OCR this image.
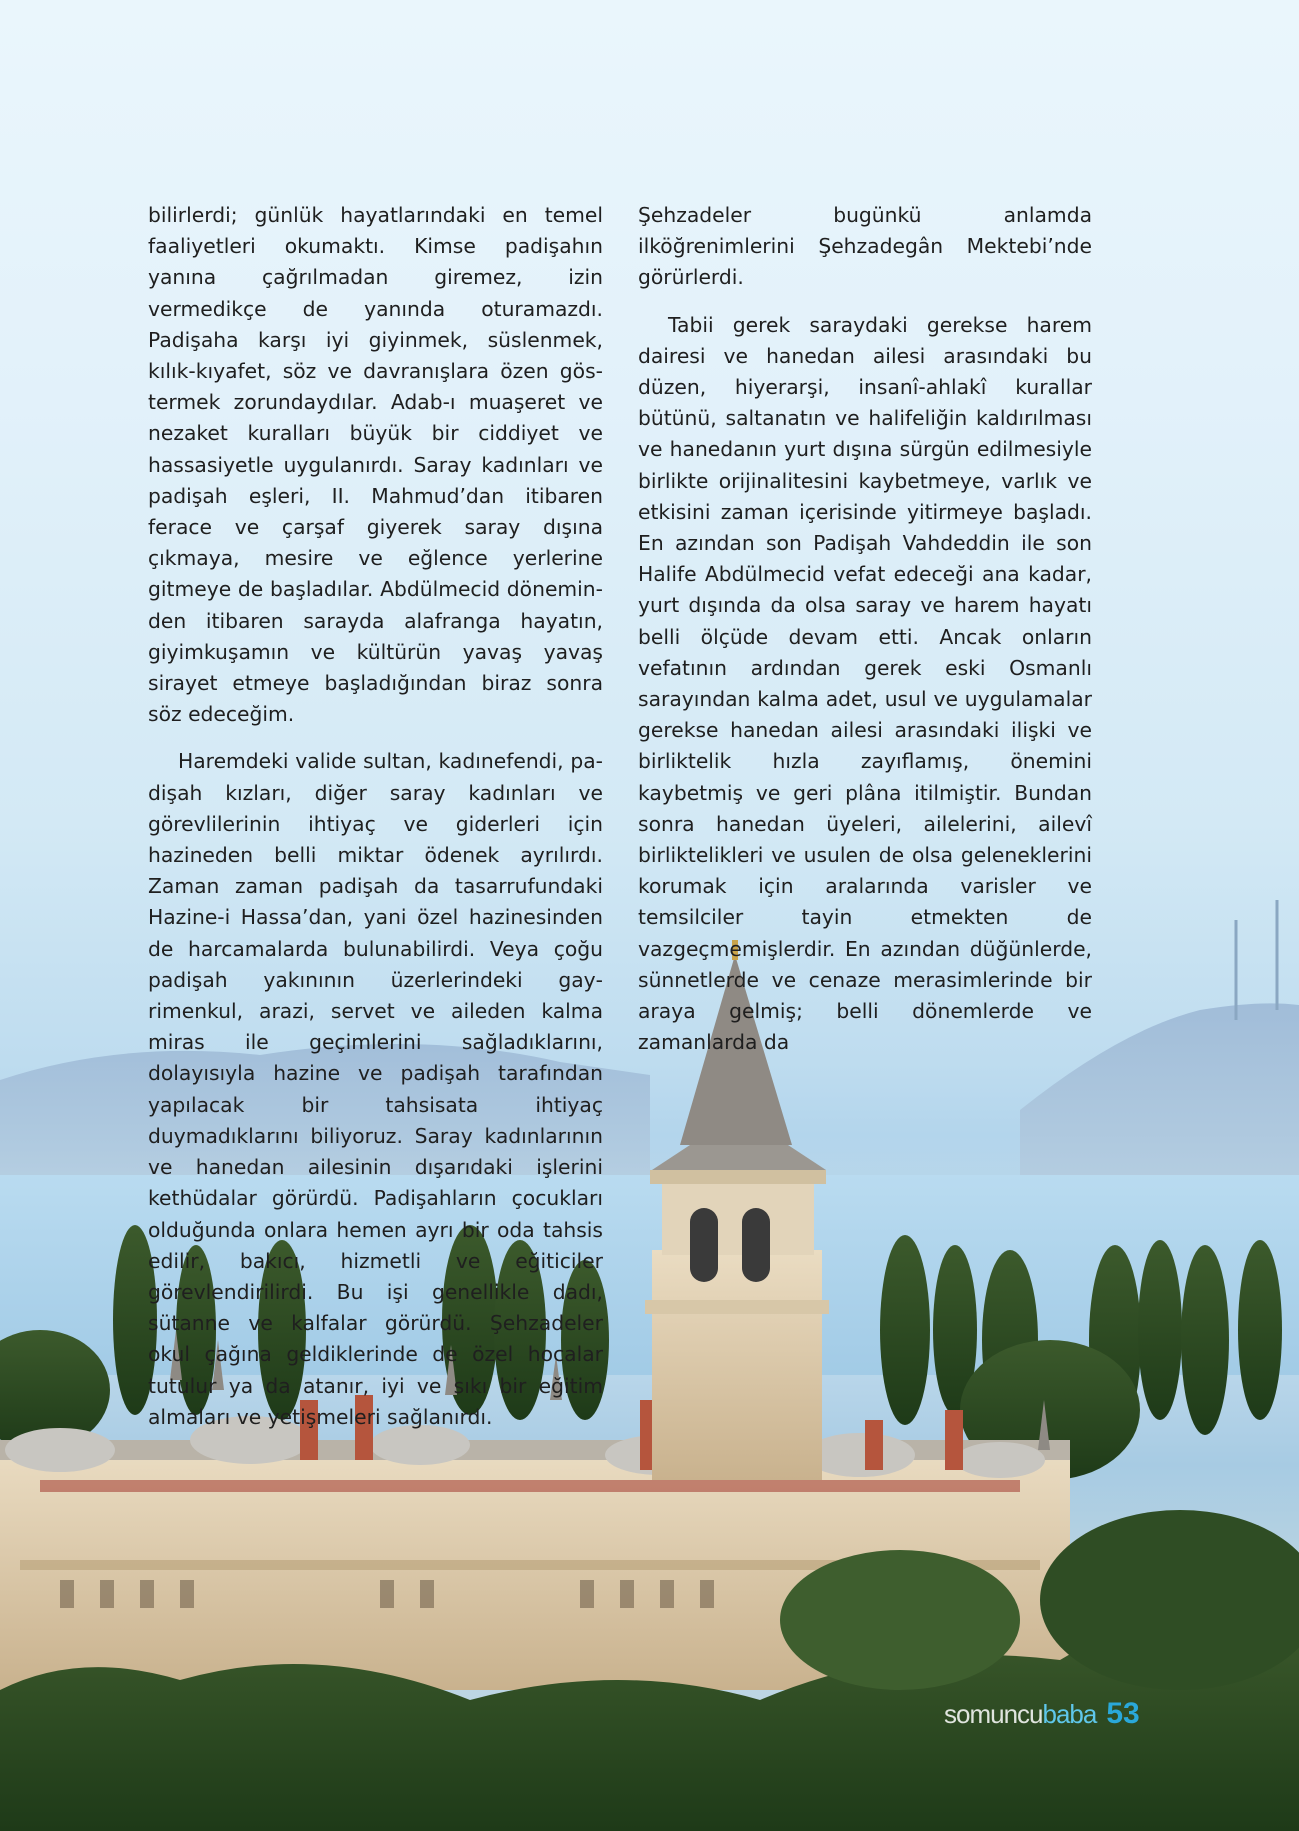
bilirlerdi; günlük hayatlarındaki en temel faaliyetleri okumaktı. Kimse padişahın yanına çağrılmadan giremez, izin vermedikçe de yanında oturamazdı. Padişaha karşı iyi giyinmek, süslenmek, kılık-kıyafet, söz ve davranışlara özen göstermek zorundaydılar. Adab-ı muaşeret ve nezaket kuralları büyük bir ciddiyet ve hassasiyetle uygulanırdı. Saray kadınları ve padişah eşleri, II. Mahmud’dan itibaren ferace ve çarşaf giyerek saray dışına çıkmaya, mesire ve eğlence yerlerine gitmeye de başladılar. Abdülmecid döneminden itibaren sarayda alafranga hayatın, giyimkuşamın ve kültürün yavaş yavaş sirayet etmeye başladığından biraz sonra söz edeceğim.

Haremdeki valide sultan, kadınefendi, padişah kızları, diğer saray kadınları ve görevlilerinin ihtiyaç ve giderleri için hazineden belli miktar ödenek ayrılırdı. Zaman zaman padişah da tasarrufundaki Hazine-i Hassa’dan, yani özel hazinesinden de harcamalarda bulunabilirdi. Veya çoğu padişah yakınının üzerlerindeki gayrimenkul, arazi, servet ve aileden kalma miras ile geçimlerini sağladıklarını, dolayısıyla hazine ve padişah tarafından yapılacak bir tahsisata ihtiyaç duymadıklarını biliyoruz. Saray kadınlarının ve hanedan ailesinin dışarıdaki işlerini kethüdalar görürdü. Padişahların çocukları olduğunda onlara hemen ayrı bir oda tahsis edilir, bakıcı, hizmetli ve eğiticiler görevlendirilirdi. Bu işi genellikle dadı, sütanne ve kalfalar görürdü. Şehzadeler okul çağına geldiklerinde de özel hocalar tutulur ya da atanır, iyi ve sıkı bir eğitim almaları ve yetişmeleri sağlanırdı.

Şehzadeler bugünkü anlamda ilköğrenimlerini Şehzadegân Mektebi’nde görürlerdi.

Tabii gerek saraydaki gerekse harem dairesi ve hanedan ailesi arasındaki bu düzen, hiyerarşi, insanî-ahlakî kurallar bütünü, saltanatın ve halifeliğin kaldırılması ve hanedanın yurt dışına sürgün edilmesiyle birlikte orijinalitesini kaybetmeye, varlık ve etkisini zaman içerisinde yitirmeye başladı. En azından son Padişah Vahdeddin ile son Halife Abdülmecid vefat edeceği ana kadar, yurt dışında da olsa saray ve harem hayatı belli ölçüde devam etti. Ancak onların vefatının ardından gerek eski Osmanlı sarayından kalma adet, usul ve uygulamalar gerekse hanedan ailesi arasındaki ilişki ve birliktelik hızla zayıflamış, önemini kaybetmiş ve geri plâna itilmiştir. Bundan sonra hanedan üyeleri, ailelerini, ailevî birliktelikleri ve usulen de olsa geleneklerini korumak için aralarında varisler ve temsilciler tayin etmekten de vazgeçmemişlerdir. En azından düğünlerde, sünnetlerde ve cenaze merasimlerinde bir araya gelmiş; belli dönemlerde ve zamanlarda da

somuncubaba 53
